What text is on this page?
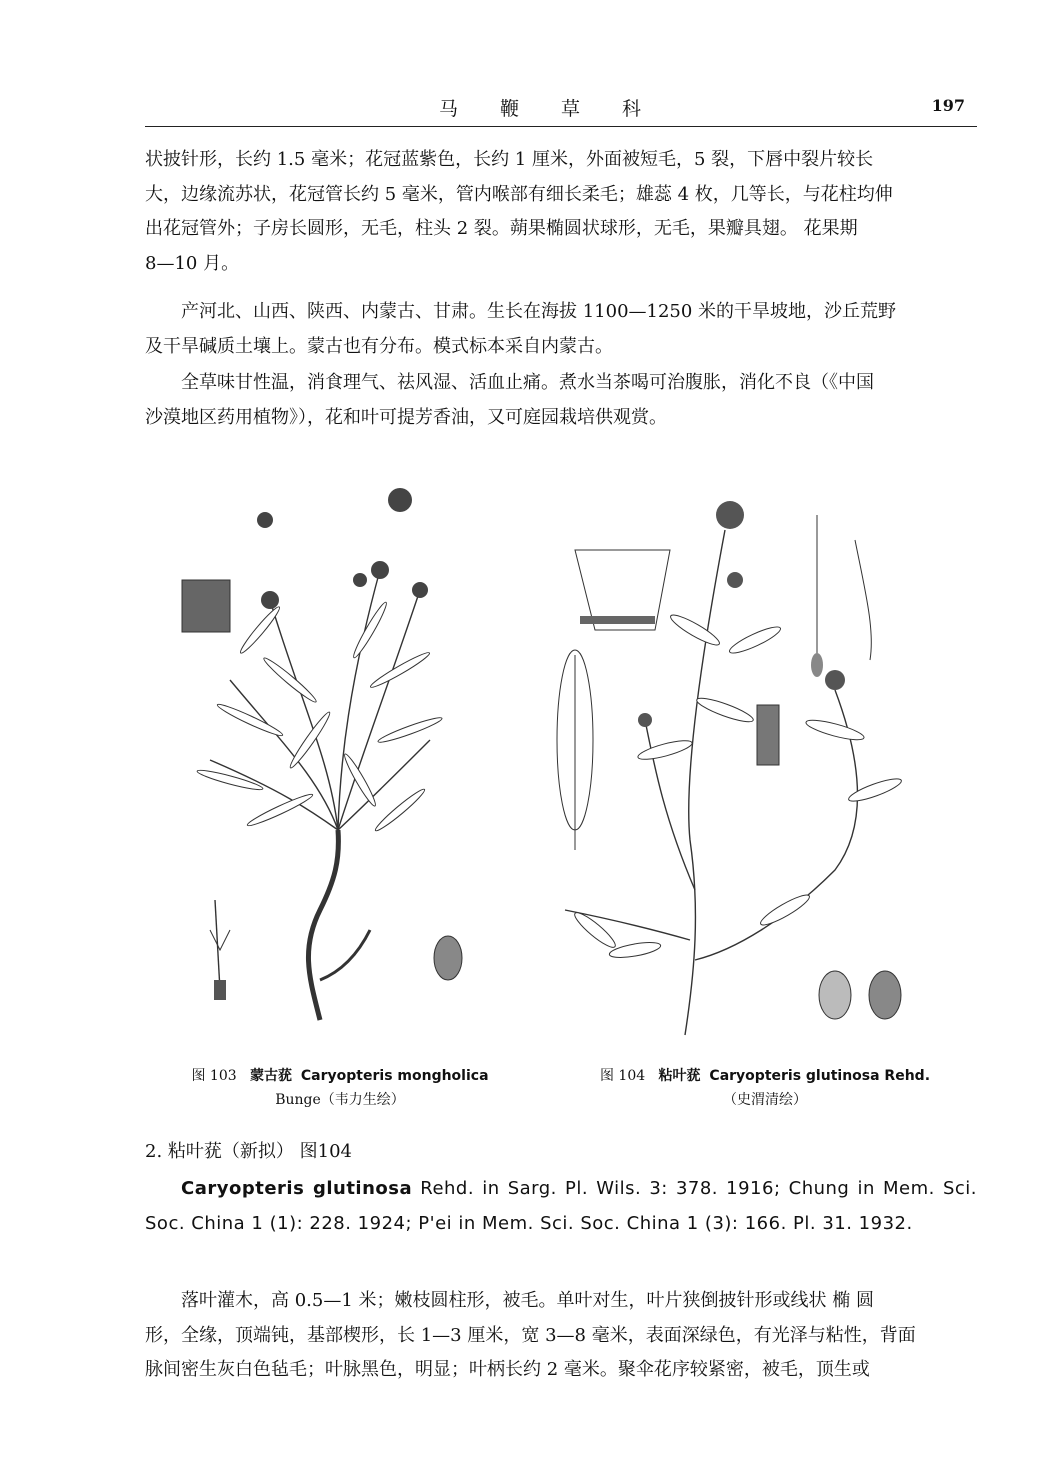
马鞭草科	197

状披针形，长约 1.5 毫米；花冠蓝紫色，长约 1 厘米，外面被短毛，5 裂，下唇中裂片较长

大，边缘流苏状，花冠管长约 5 毫米，管内喉部有细长柔毛；雄蕊 4 枚，几等长，与花柱均伸

出花冠管外；子房长圆形，无毛，柱头 2 裂。蒴果椭圆状球形，无毛，果瓣具翅。 花果期

8—10 月。

产河北、山西、陕西、内蒙古、甘肃。生长在海拔 1100—1250 米的干旱坡地，沙丘荒野

及干旱碱质土壤上。蒙古也有分布。模式标本采自内蒙古。

全草味甘性温，消食理气、祛风湿、活血止痛。煮水当茶喝可治腹胀，消化不良（《中国

沙漠地区药用植物》），花和叶可提芳香油，又可庭园栽培供观赏。

图 103 蒙古莸 Caryopteris mongholica
Bunge（韦力生绘）
图 104 粘叶莸 Caryopteris glutinosa Rehd.
（史渭清绘）
2. 粘叶莸（新拟） 图104
Caryopteris glutinosa Rehd. in Sarg. Pl. Wils. 3: 378. 1916; Chung in Mem. Sci. Soc. China 1 (1): 228. 1924; P'ei in Mem. Sci. Soc. China 1 (3): 166. Pl. 31. 1932.

落叶灌木，高 0.5—1 米；嫩枝圆柱形，被毛。单叶对生，叶片狭倒披针形或线状 椭 圆

形，全缘，顶端钝，基部楔形，长 1—3 厘米，宽 3—8 毫米，表面深绿色，有光泽与粘性，背面

脉间密生灰白色毡毛；叶脉黑色，明显；叶柄长约 2 毫米。聚伞花序较紧密，被毛，顶生或
